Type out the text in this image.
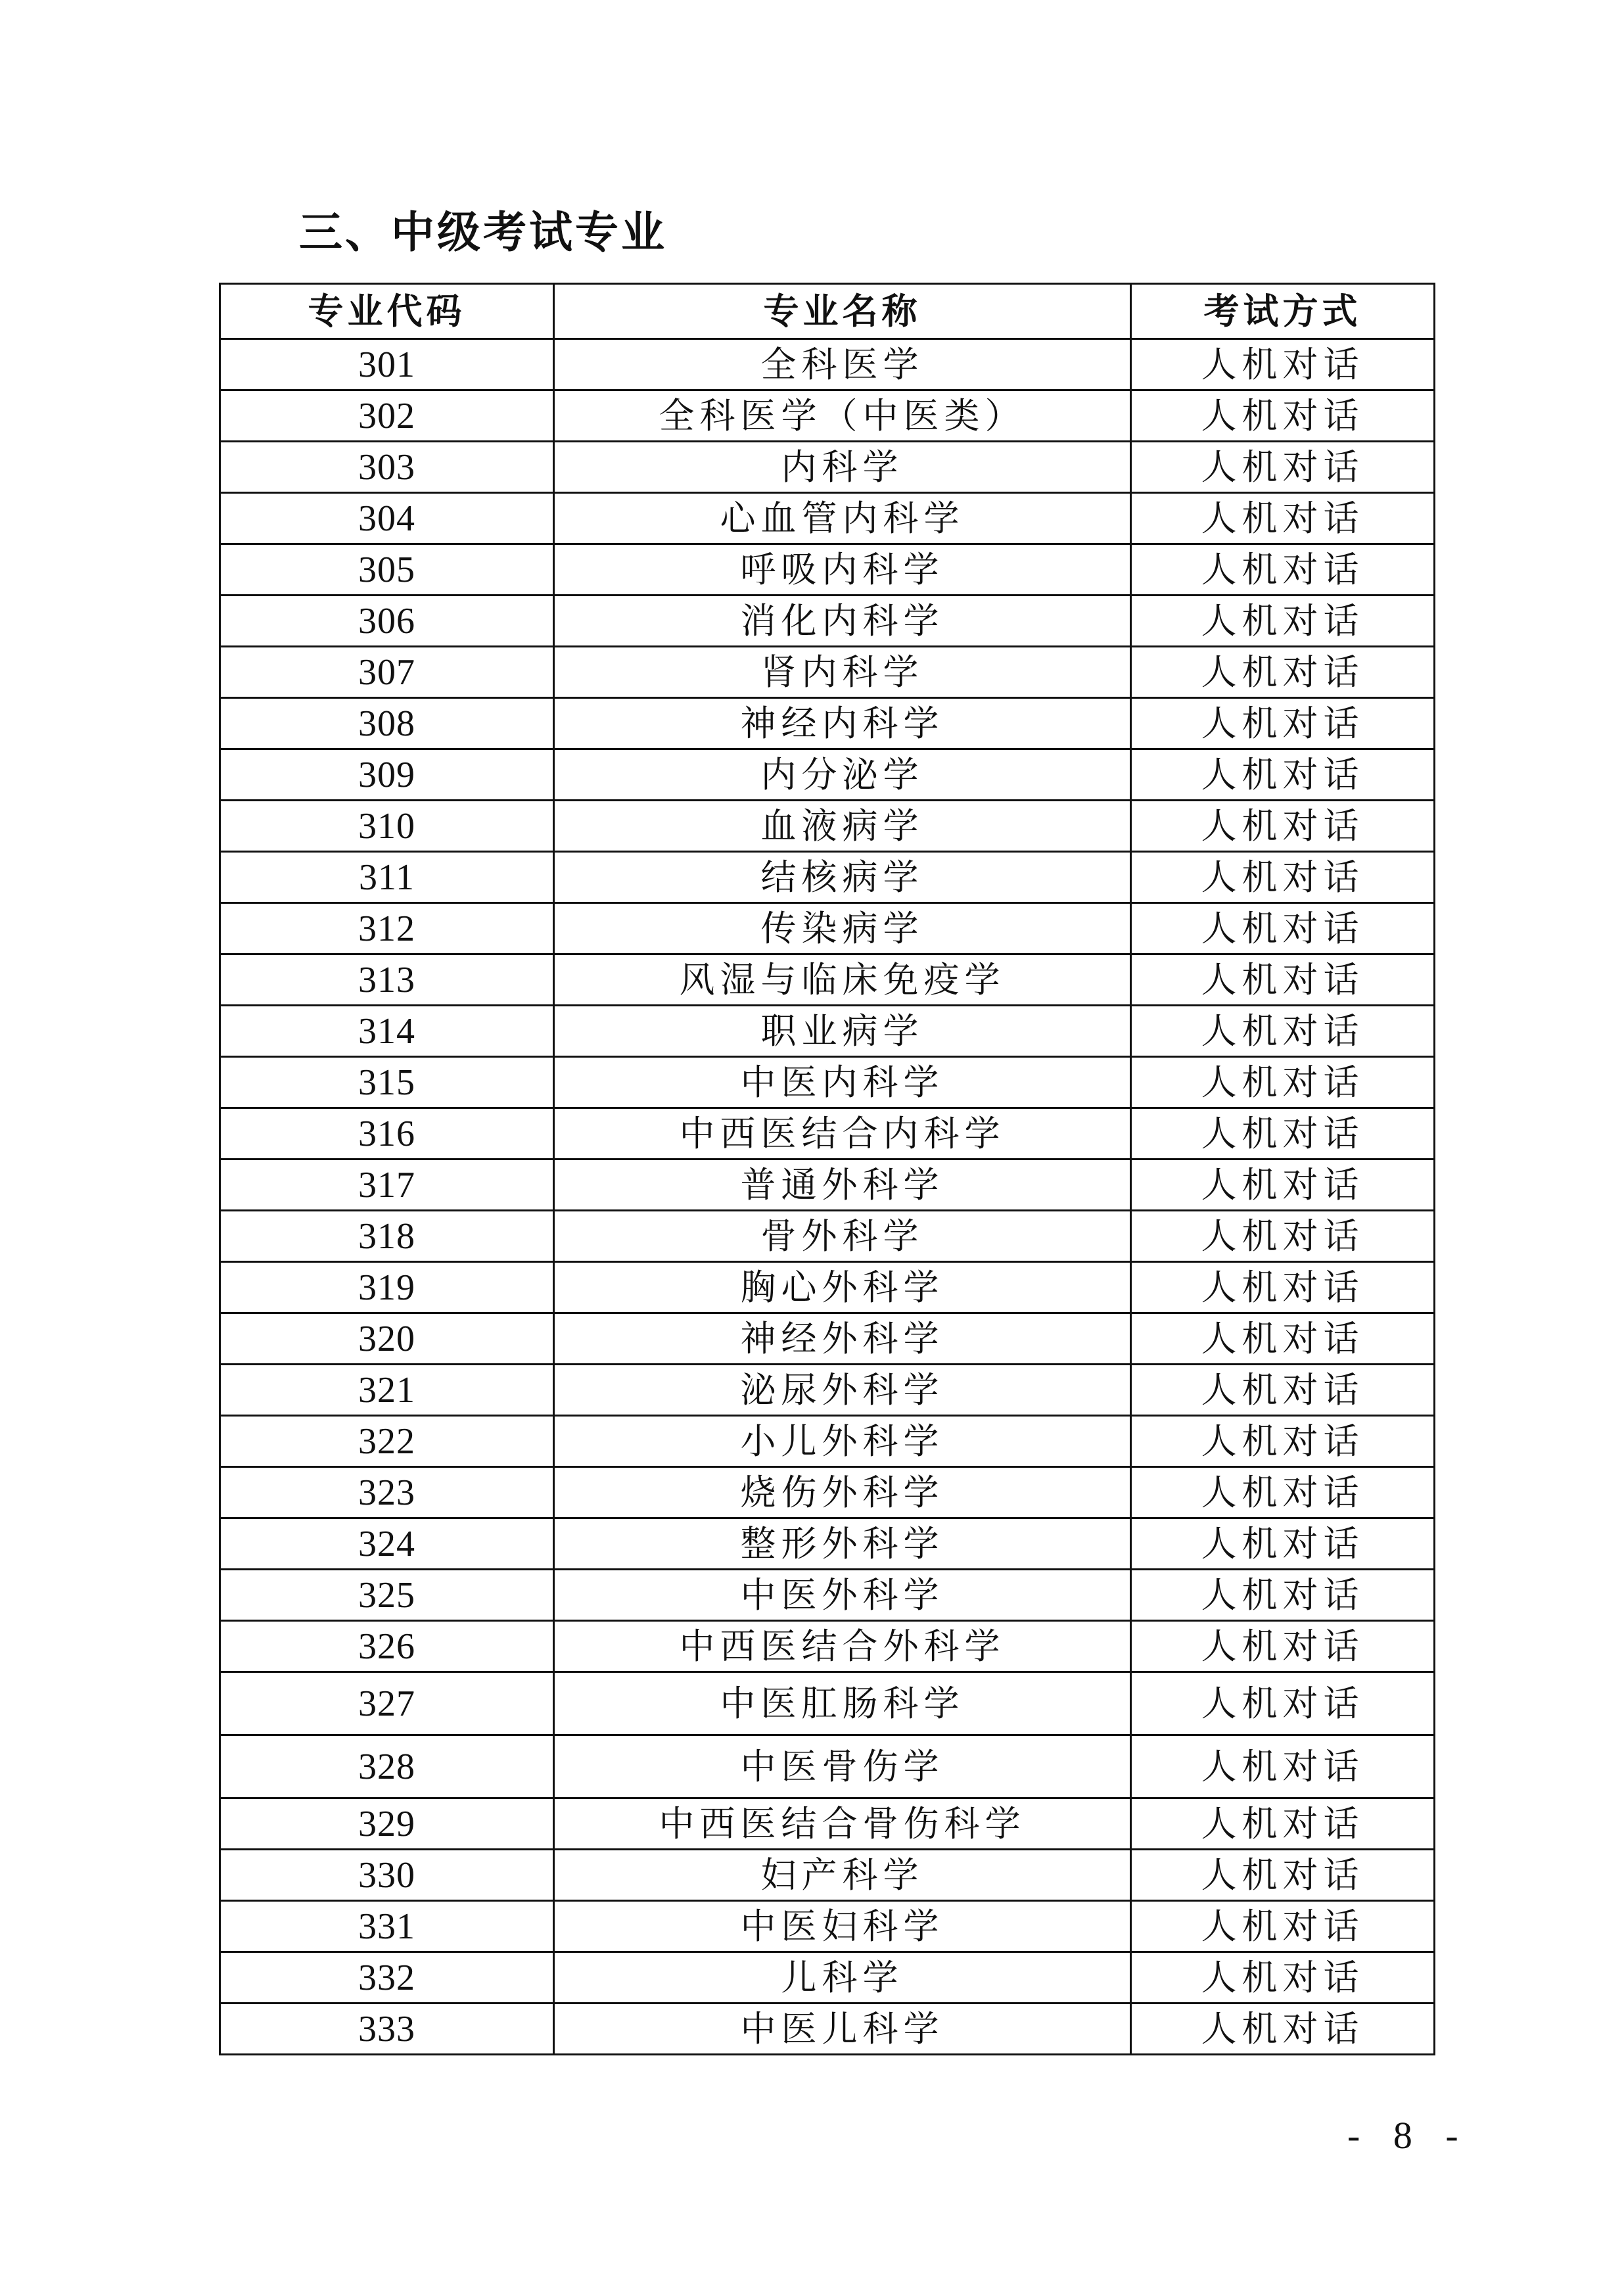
三、中级考试专业
专业代码	专业名称	考试方式
301	全科医学	人机对话
302	全科医学（中医类）	人机对话
303	内科学	人机对话
304	心血管内科学	人机对话
305	呼吸内科学	人机对话
306	消化内科学	人机对话
307	肾内科学	人机对话
308	神经内科学	人机对话
309	内分泌学	人机对话
310	血液病学	人机对话
311	结核病学	人机对话
312	传染病学	人机对话
313	风湿与临床免疫学	人机对话
314	职业病学	人机对话
315	中医内科学	人机对话
316	中西医结合内科学	人机对话
317	普通外科学	人机对话
318	骨外科学	人机对话
319	胸心外科学	人机对话
320	神经外科学	人机对话
321	泌尿外科学	人机对话
322	小儿外科学	人机对话
323	烧伤外科学	人机对话
324	整形外科学	人机对话
325	中医外科学	人机对话
326	中西医结合外科学	人机对话
327	中医肛肠科学	人机对话
328	中医骨伤学	人机对话
329	中西医结合骨伤科学	人机对话
330	妇产科学	人机对话
331	中医妇科学	人机对话
332	儿科学	人机对话
333	中医儿科学	人机对话
- 8 -
